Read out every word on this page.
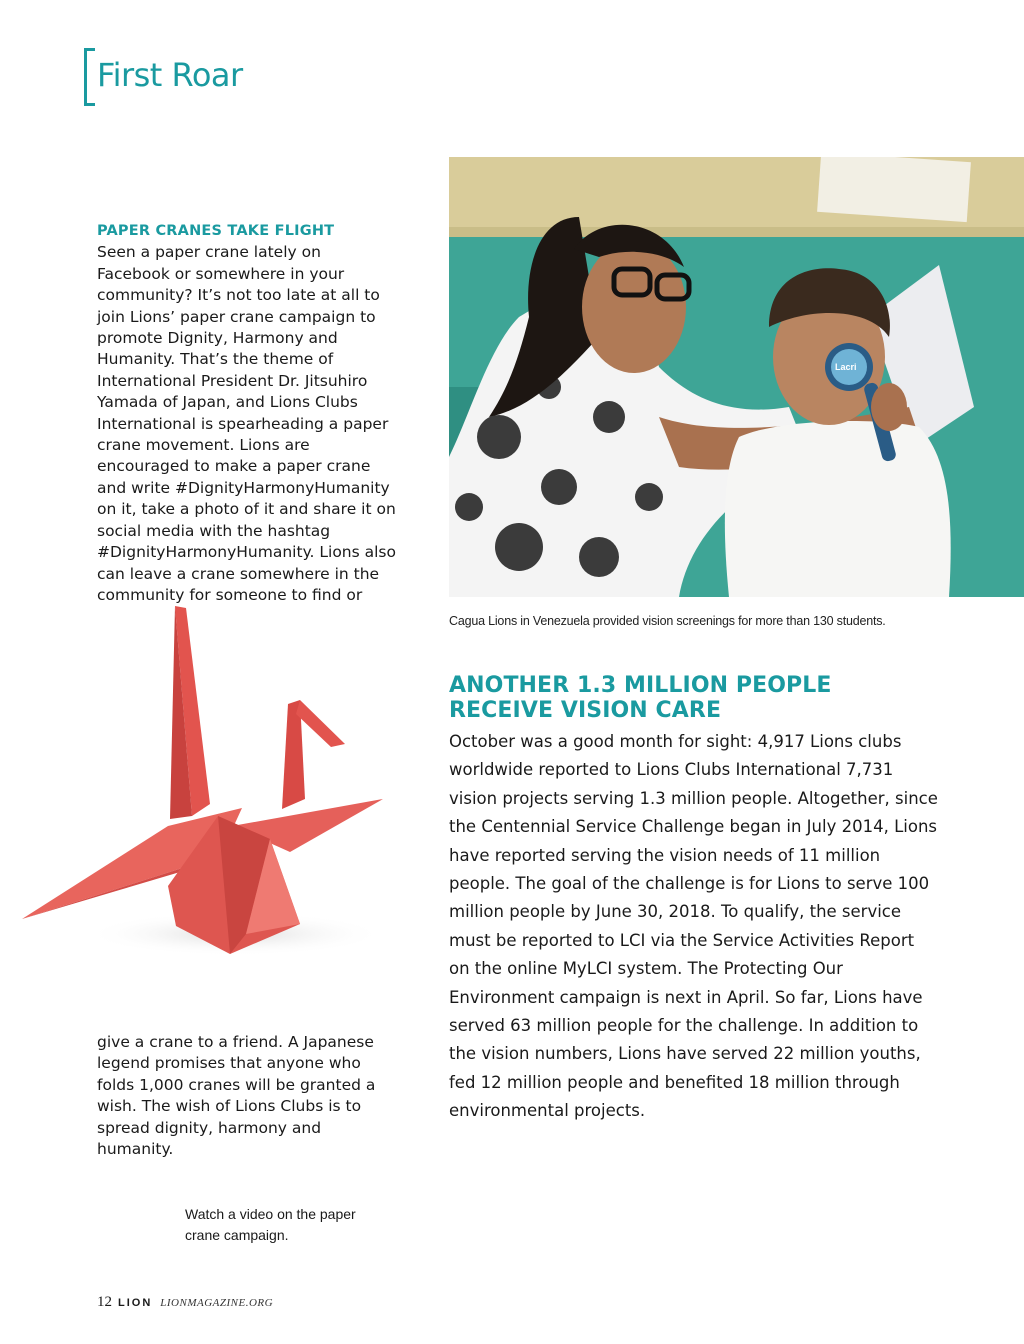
First Roar
PAPER CRANES TAKE FLIGHT
Seen a paper crane lately on Facebook or somewhere in your community? It’s not too late at all to join Lions’ paper crane campaign to promote Dignity, Harmony and Humanity. That’s the theme of International President Dr. Jitsuhiro Yamada of Japan, and Lions Clubs International is spearheading a paper crane movement. Lions are encouraged to make a paper crane and write #DignityHarmonyHumanity on it, take a photo of it and share it on social media with the hashtag #DignityHarmonyHumanity. Lions also can leave a crane somewhere in the community for someone to find or
give a crane to a friend. A Japanese legend promises that anyone who folds 1,000 cranes will be granted a wish. The wish of Lions Clubs is to spread dignity, harmony and humanity.
Watch a video on the paper crane campaign.
Lacri
Cagua Lions in Venezuela provided vision screenings for more than 130 students.
ANOTHER 1.3 MILLION PEOPLE RECEIVE VISION CARE
October was a good month for sight: 4,917 Lions clubs worldwide reported to Lions Clubs International 7,731 vision projects serving 1.3 million people. Altogether, since the Centennial Service Challenge began in July 2014, Lions have reported serving the vision needs of 11 million people. The goal of the challenge is for Lions to serve 100 million people by June 30, 2018. To qualify, the service must be reported to LCI via the Service Activities Report on the online MyLCI system. The Protecting Our Environment campaign is next in April. So far, Lions have served 63 million people for the challenge. In addition to the vision numbers, Lions have served 22 million youths, fed 12 million people and benefited 18 million through environmental projects.
12 LION LIONMAGAZINE.ORG
